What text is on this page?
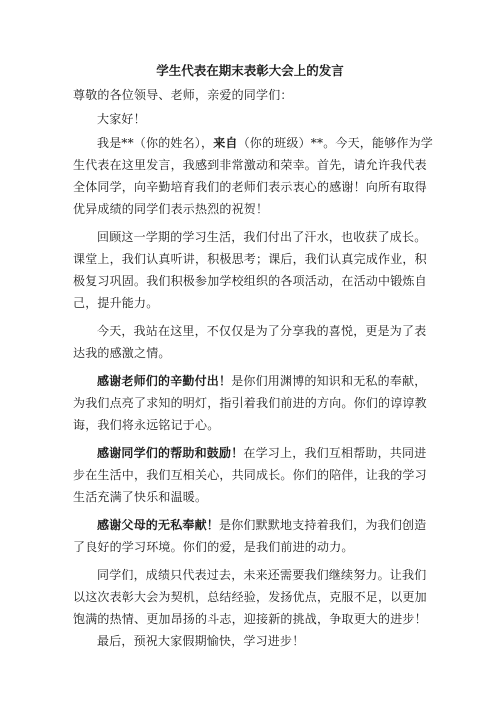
学生代表在期末表彰大会上的发言

尊敬的各位领导、老师，亲爱的同学们：

大家好！

我是**（你的姓名），来自（你的班级）**。今天，能够作为学生代表在这里发言，我感到非常激动和荣幸。首先，请允许我代表全体同学，向辛勤培育我们的老师们表示衷心的感谢！向所有取得优异成绩的同学们表示热烈的祝贺！

回顾这一学期的学习生活，我们付出了汗水，也收获了成长。课堂上，我们认真听讲，积极思考；课后，我们认真完成作业，积极复习巩固。我们积极参加学校组织的各项活动，在活动中锻炼自己，提升能力。

今天，我站在这里，不仅仅是为了分享我的喜悦，更是为了表达我的感激之情。

感谢老师们的辛勤付出！是你们用渊博的知识和无私的奉献，为我们点亮了求知的明灯，指引着我们前进的方向。你们的谆谆教诲，我们将永远铭记于心。

感谢同学们的帮助和鼓励！在学习上，我们互相帮助，共同进步在生活中，我们互相关心，共同成长。你们的陪伴，让我的学习生活充满了快乐和温暖。

感谢父母的无私奉献！是你们默默地支持着我们，为我们创造了良好的学习环境。你们的爱，是我们前进的动力。

同学们，成绩只代表过去，未来还需要我们继续努力。让我们以这次表彰大会为契机，总结经验，发扬优点，克服不足，以更加饱满的热情、更加昂扬的斗志，迎接新的挑战，争取更大的进步！

最后，预祝大家假期愉快，学习进步！
